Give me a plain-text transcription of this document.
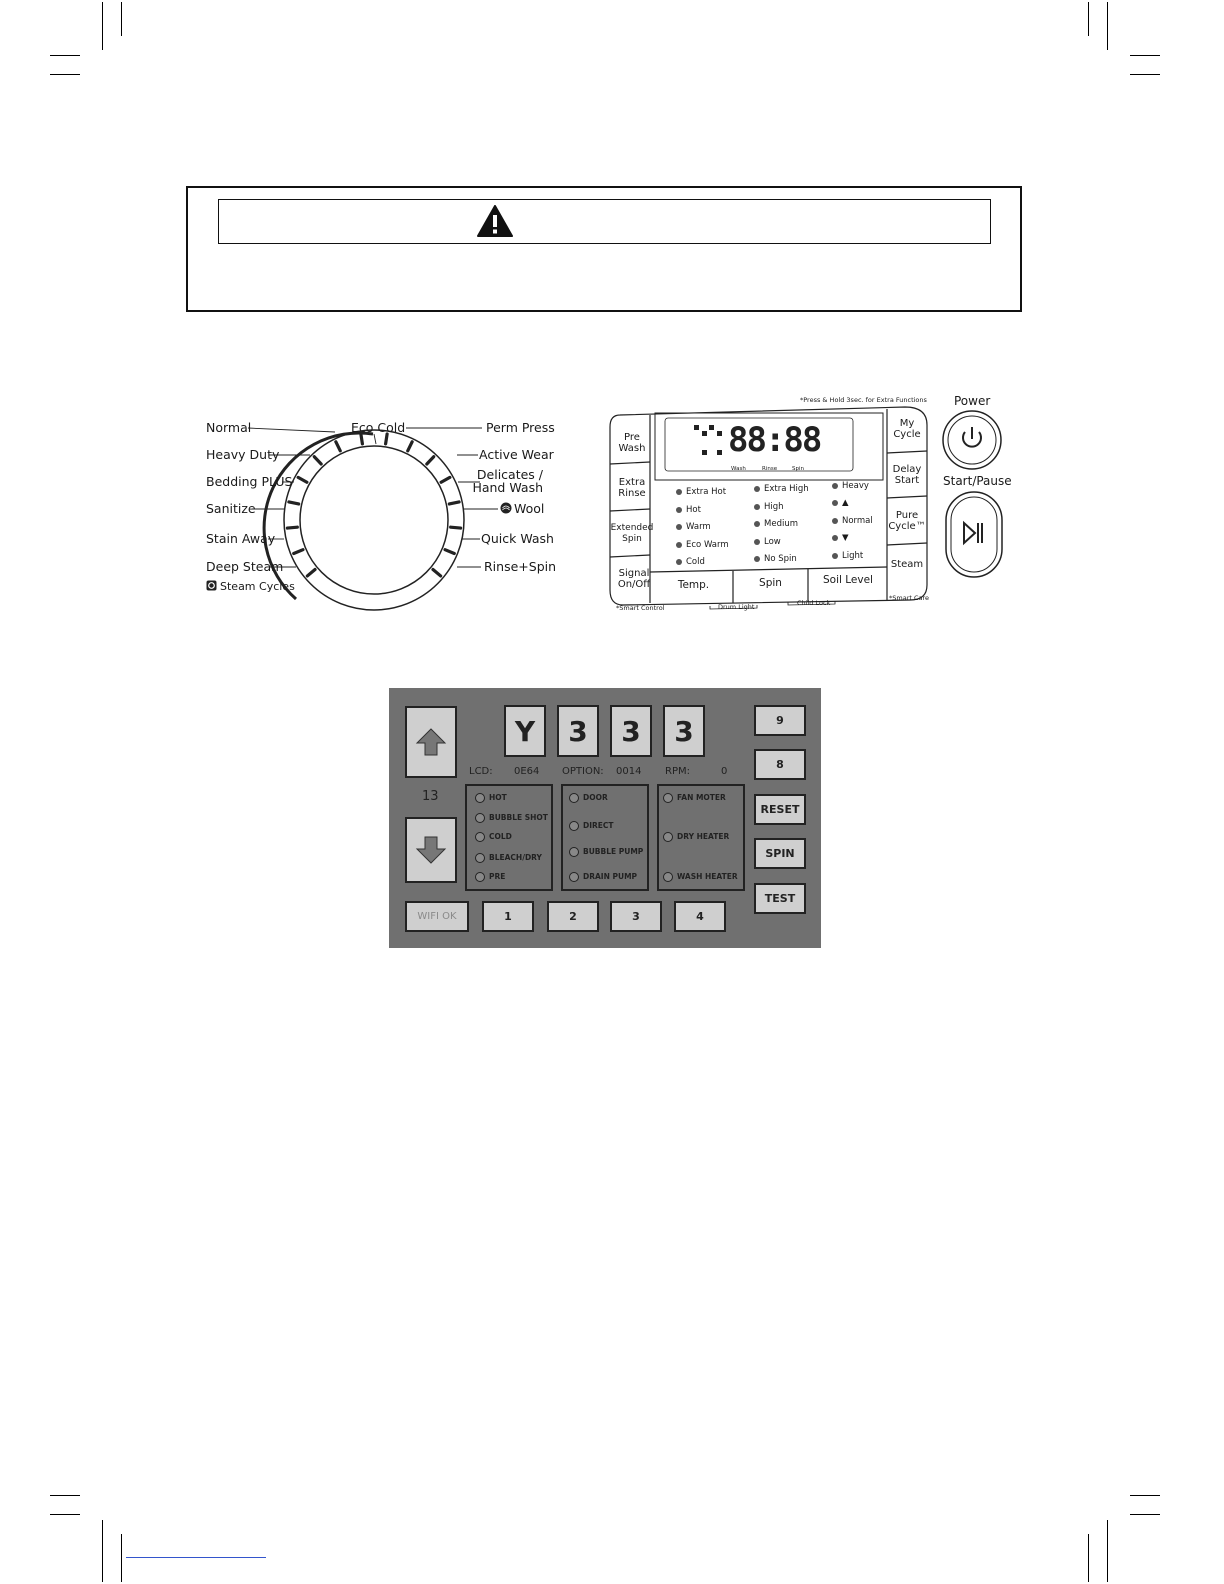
Normal
Heavy Duty
Bedding PLUS
Sanitize
Stain Away
Deep Steam
Steam Cycles
Eco Cold	Perm Press
Active Wear
Delicates /
Hand Wash
Wool
Quick Wash
Rinse+Spin
*Press & Hold 3sec. for Extra Functions Power
Start/Pause
88:88
Wash	Rinse	Spin
Pre
Wash
Extra
Rinse
Extended
Spin
Signal
On/Off
My
Cycle
Delay
Start
Pure
Cycle™
Steam
Temp.	Spin	Soil Level
Extra Hot
Hot
Warm
Eco Warm
Cold
Extra High
High
Medium
Low
No Spin
Heavy
▲
Normal
▼
Light
*Smart Control	Drum Light	Child Lock
*Smart Care
13
Y	3	3	3
LCD: 0E64 OPTION: 0014 RPM:	0
HOT
BUBBLE SHOT
COLD
BLEACH/DRY
PRE
DOOR
DIRECT
BUBBLE PUMP
DRAIN PUMP
FAN MOTER
DRY HEATER
WASH HEATER
WIFI OK	1	2	3	4
9
8
RESET
SPIN
TEST
